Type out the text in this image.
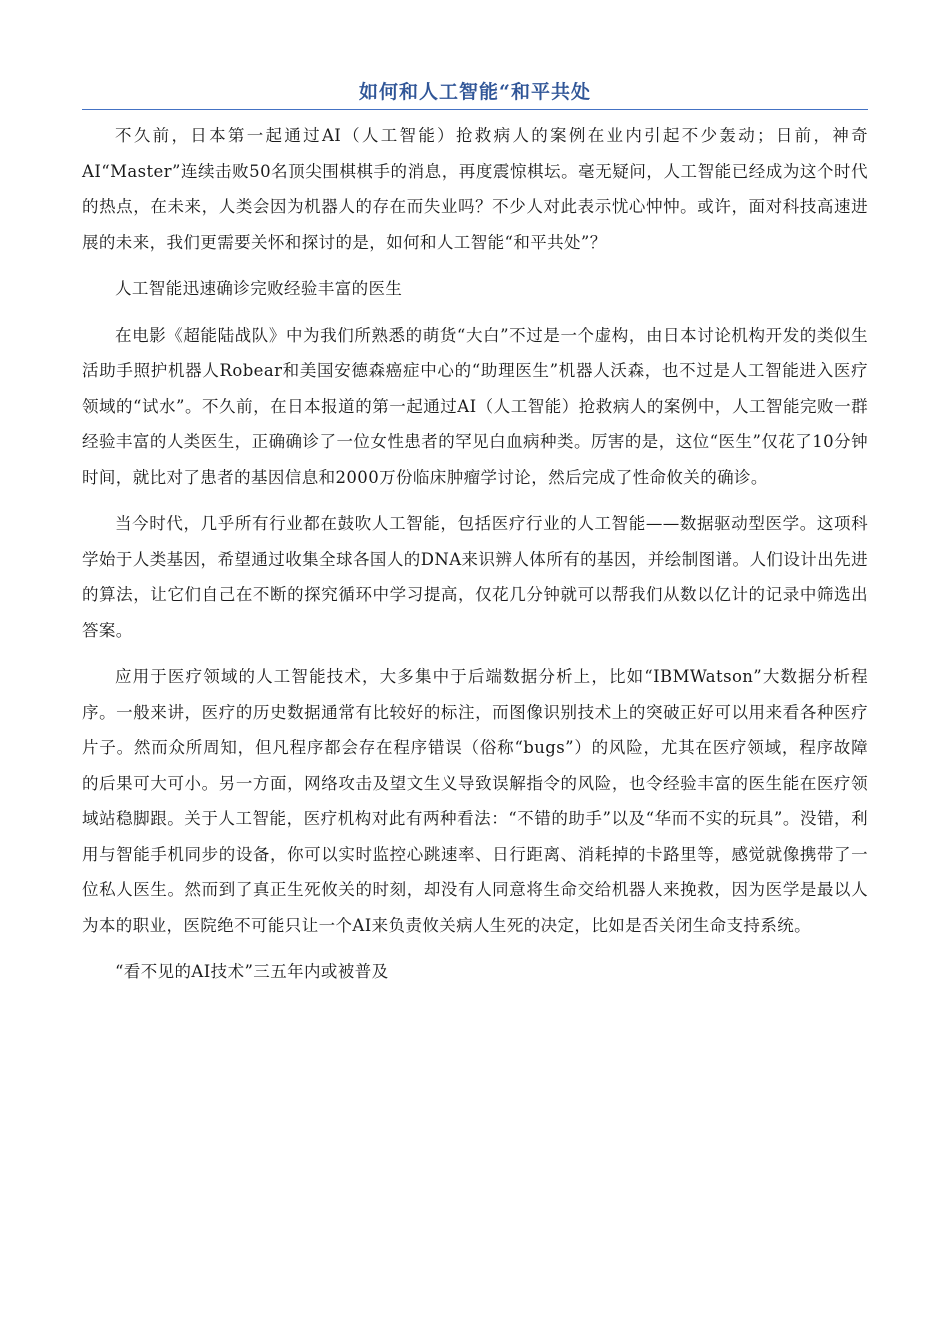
如何和人工智能“和平共处

不久前，日本第一起通过AI（人工智能）抢救病人的案例在业内引起不少轰动；日前，神奇AI“Master”连续击败50名顶尖围棋棋手的消息，再度震惊棋坛。毫无疑问，人工智能已经成为这个时代的热点，在未来，人类会因为机器人的存在而失业吗？不少人对此表示忧心忡忡。或许，面对科技高速进展的未来，我们更需要关怀和探讨的是，如何和人工智能“和平共处”？

人工智能迅速确诊完败经验丰富的医生

在电影《超能陆战队》中为我们所熟悉的萌货“大白”不过是一个虚构，由日本讨论机构开发的类似生活助手照护机器人Robear和美国安德森癌症中心的“助理医生”机器人沃森，也不过是人工智能进入医疗领域的“试水”。不久前，在日本报道的第一起通过AI（人工智能）抢救病人的案例中，人工智能完败一群经验丰富的人类医生，正确确诊了一位女性患者的罕见白血病种类。厉害的是，这位“医生”仅花了10分钟时间，就比对了患者的基因信息和2000万份临床肿瘤学讨论，然后完成了性命攸关的确诊。

当今时代，几乎所有行业都在鼓吹人工智能，包括医疗行业的人工智能——数据驱动型医学。这项科学始于人类基因，希望通过收集全球各国人的DNA来识辨人体所有的基因，并绘制图谱。人们设计出先进的算法，让它们自己在不断的探究循环中学习提高，仅花几分钟就可以帮我们从数以亿计的记录中筛选出答案。

应用于医疗领域的人工智能技术，大多集中于后端数据分析上，比如“IBMWatson”大数据分析程序。一般来讲，医疗的历史数据通常有比较好的标注，而图像识别技术上的突破正好可以用来看各种医疗片子。然而众所周知，但凡程序都会存在程序错误（俗称“bugs”）的风险，尤其在医疗领域，程序故障的后果可大可小。另一方面，网络攻击及望文生义导致误解指令的风险，也令经验丰富的医生能在医疗领域站稳脚跟。关于人工智能，医疗机构对此有两种看法：“不错的助手”以及“华而不实的玩具”。没错，利用与智能手机同步的设备，你可以实时监控心跳速率、日行距离、消耗掉的卡路里等，感觉就像携带了一位私人医生。然而到了真正生死攸关的时刻，却没有人同意将生命交给机器人来挽救，因为医学是最以人为本的职业，医院绝不可能只让一个AI来负责攸关病人生死的决定，比如是否关闭生命支持系统。

“看不见的AI技术”三五年内或被普及
